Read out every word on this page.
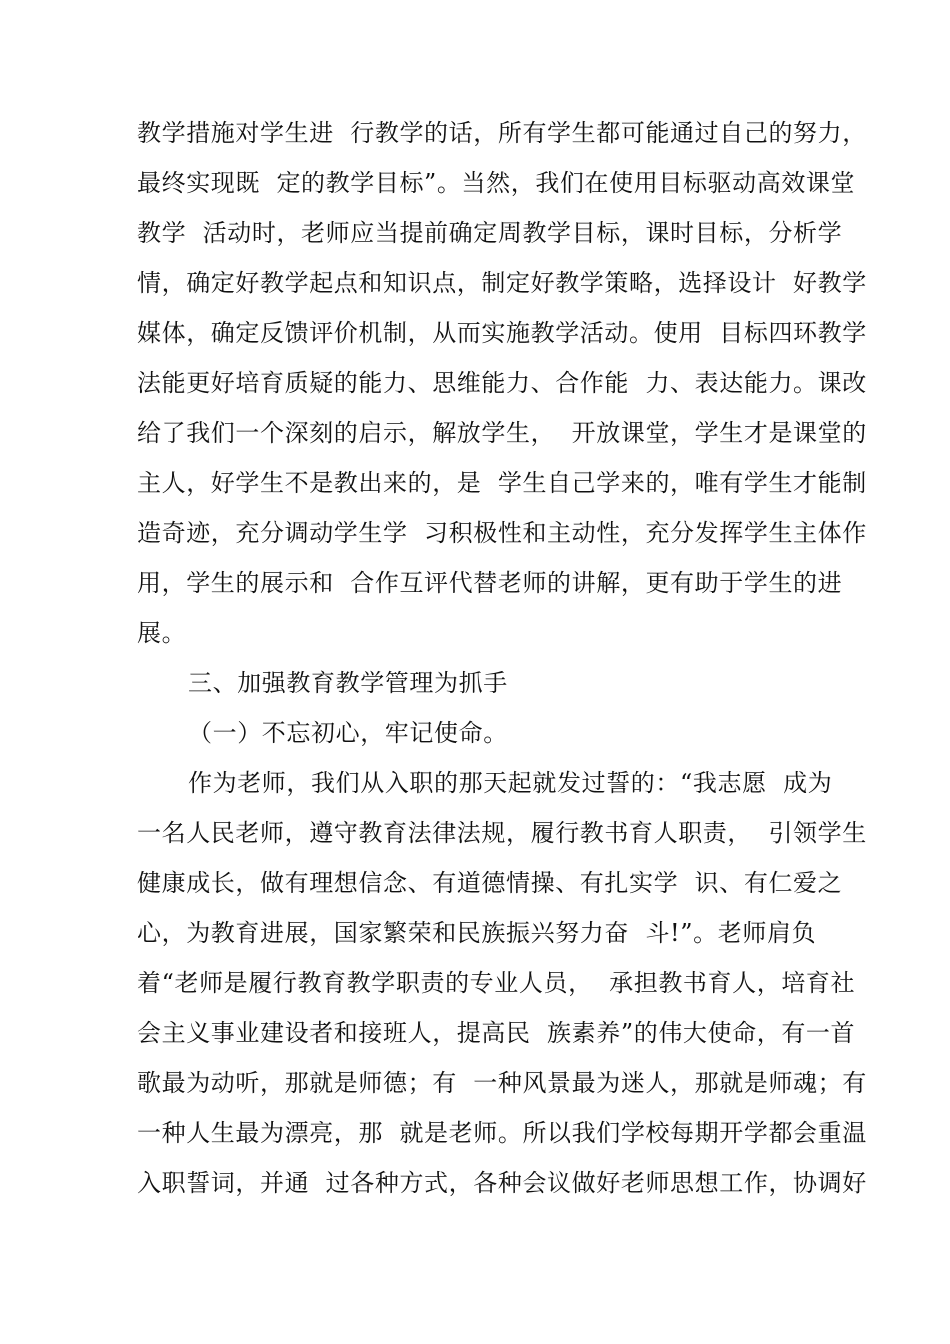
教学措施对学生进  行教学的话，所有学生都可能通过自己的努力，
最终实现既  定的教学目标”。当然，我们在使用目标驱动高效课堂
教学  活动时，老师应当提前确定周教学目标，课时目标，分析学
情，确定好教学起点和知识点，制定好教学策略，选择设计  好教学
媒体，确定反馈评价机制，从而实施教学活动。使用  目标四环教学
法能更好培育质疑的能力、思维能力、合作能  力、表达能力。课改
给了我们一个深刻的启示，解放学生，  开放课堂，学生才是课堂的
主人，好学生不是教出来的，是  学生自己学来的，唯有学生才能制
造奇迹，充分调动学生学  习积极性和主动性，充分发挥学生主体作
用，学生的展示和  合作互评代替老师的讲解，更有助于学生的进
展。
三、加强教育教学管理为抓手
（一）不忘初心，牢记使命。
作为老师，我们从入职的那天起就发过誓的：“我志愿  成为
一名人民老师，遵守教育法律法规，履行教书育人职责，  引领学生
健康成长，做有理想信念、有道德情操、有扎实学  识、有仁爱之
心，为教育进展，国家繁荣和民族振兴努力奋  斗!”。老师肩负
着“老师是履行教育教学职责的专业人员，  承担教书育人，培育社
会主义事业建设者和接班人，提高民  族素养”的伟大使命，有一首
歌最为动听，那就是师德；有  一种风景最为迷人，那就是师魂；有
一种人生最为漂亮，那  就是老师。所以我们学校每期开学都会重温
入职誓词，并通  过各种方式，各种会议做好老师思想工作，协调好
